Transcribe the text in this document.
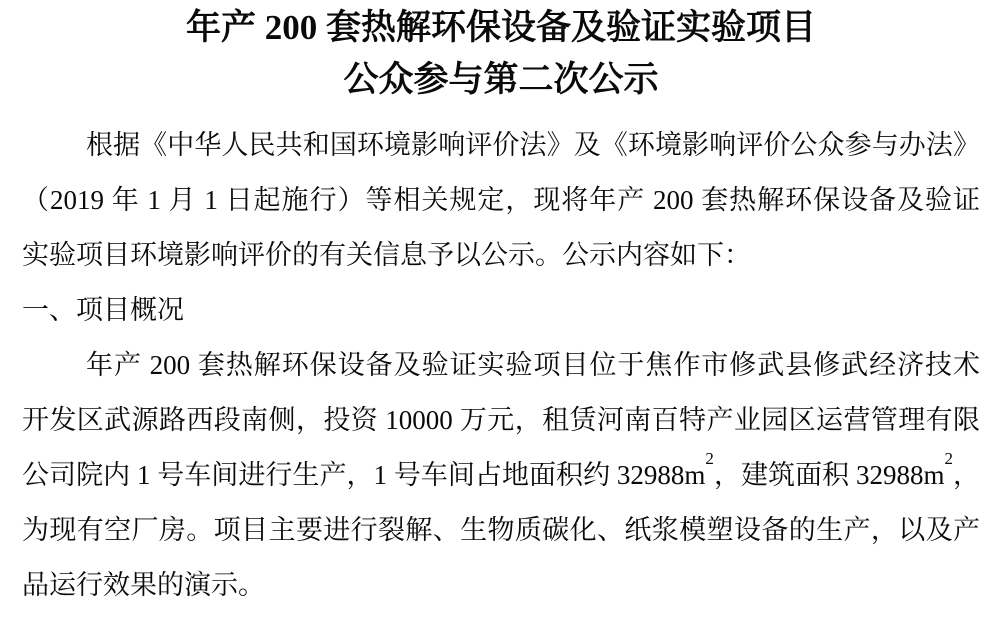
年产 200 套热解环保设备及验证实验项目
公众参与第二次公示

根据《中华人民共和国环境影响评价法》及《环境影响评价公众参与办法》
（2019 年 1 月 1 日起施行）等相关规定，现将年产 200 套热解环保设备及验证
实验项目环境影响评价的有关信息予以公示。公示内容如下：

一、项目概况

年产 200 套热解环保设备及验证实验项目位于焦作市修武县修武经济技术
开发区武源路西段南侧，投资 10000 万元，租赁河南百特产业园区运营管理有限
公司院内 1 号车间进行生产，1 号车间占地面积约 $32988m^2$，建筑面积 $32988m^2$，
为现有空厂房。项目主要进行裂解、生物质碳化、纸浆模塑设备的生产，以及产
品运行效果的演示。
